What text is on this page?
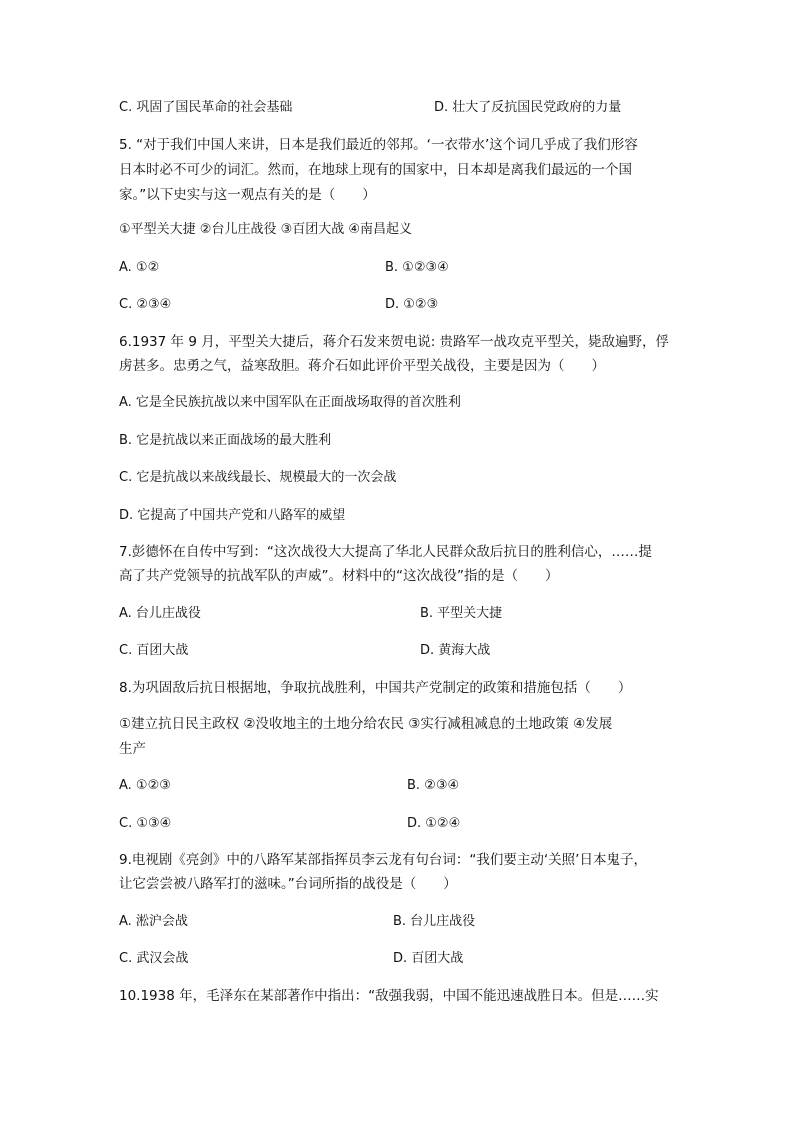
C. 巩固了国民革命的社会基础	D. 壮大了反抗国民党政府的力量
5. “对于我们中国人来讲，日本是我们最近的邻邦。‘一衣带水’这个词几乎成了我们形容
日本时必不可少的词汇。然而，在地球上现有的国家中，日本却是离我们最远的一个国
家。”以下史实与这一观点有关的是（　　）
①平型关大捷 ②台儿庄战役 ③百团大战 ④南昌起义
A. ①②	B. ①②③④
C. ②③④	D. ①②③
6.1937 年 9 月，平型关大捷后，蒋介石发来贺电说: 贵路军一战攻克平型关，毙敌遍野，俘
虏甚多。忠勇之气，益寒敌胆。蒋介石如此评价平型关战役，主要是因为（　　）
A. 它是全民族抗战以来中国军队在正面战场取得的首次胜利
B. 它是抗战以来正面战场的最大胜利
C. 它是抗战以来战线最长、规模最大的一次会战
D. 它提高了中国共产党和八路军的威望
7.彭德怀在自传中写到：“这次战役大大提高了华北人民群众敌后抗日的胜利信心，……提
高了共产党领导的抗战军队的声威”。材料中的“这次战役”指的是（　　）
A. 台儿庄战役	B. 平型关大捷
C. 百团大战	D. 黄海大战
8.为巩固敌后抗日根据地，争取抗战胜利，中国共产党制定的政策和措施包括（　　）
①建立抗日民主政权 ②没收地主的土地分给农民 ③实行减租减息的土地政策 ④发展
生产
A. ①②③	B. ②③④
C. ①③④	D. ①②④
9.电视剧《亮剑》中的八路军某部指挥员李云龙有句台词：“我们要主动‘关照’日本鬼子，
让它尝尝被八路军打的滋味。”台词所指的战役是（　　）
A. 淞沪会战	B. 台儿庄战役
C. 武汉会战	D. 百团大战
10.1938 年，毛泽东在某部著作中指出：“敌强我弱，中国不能迅速战胜日本。但是……实
